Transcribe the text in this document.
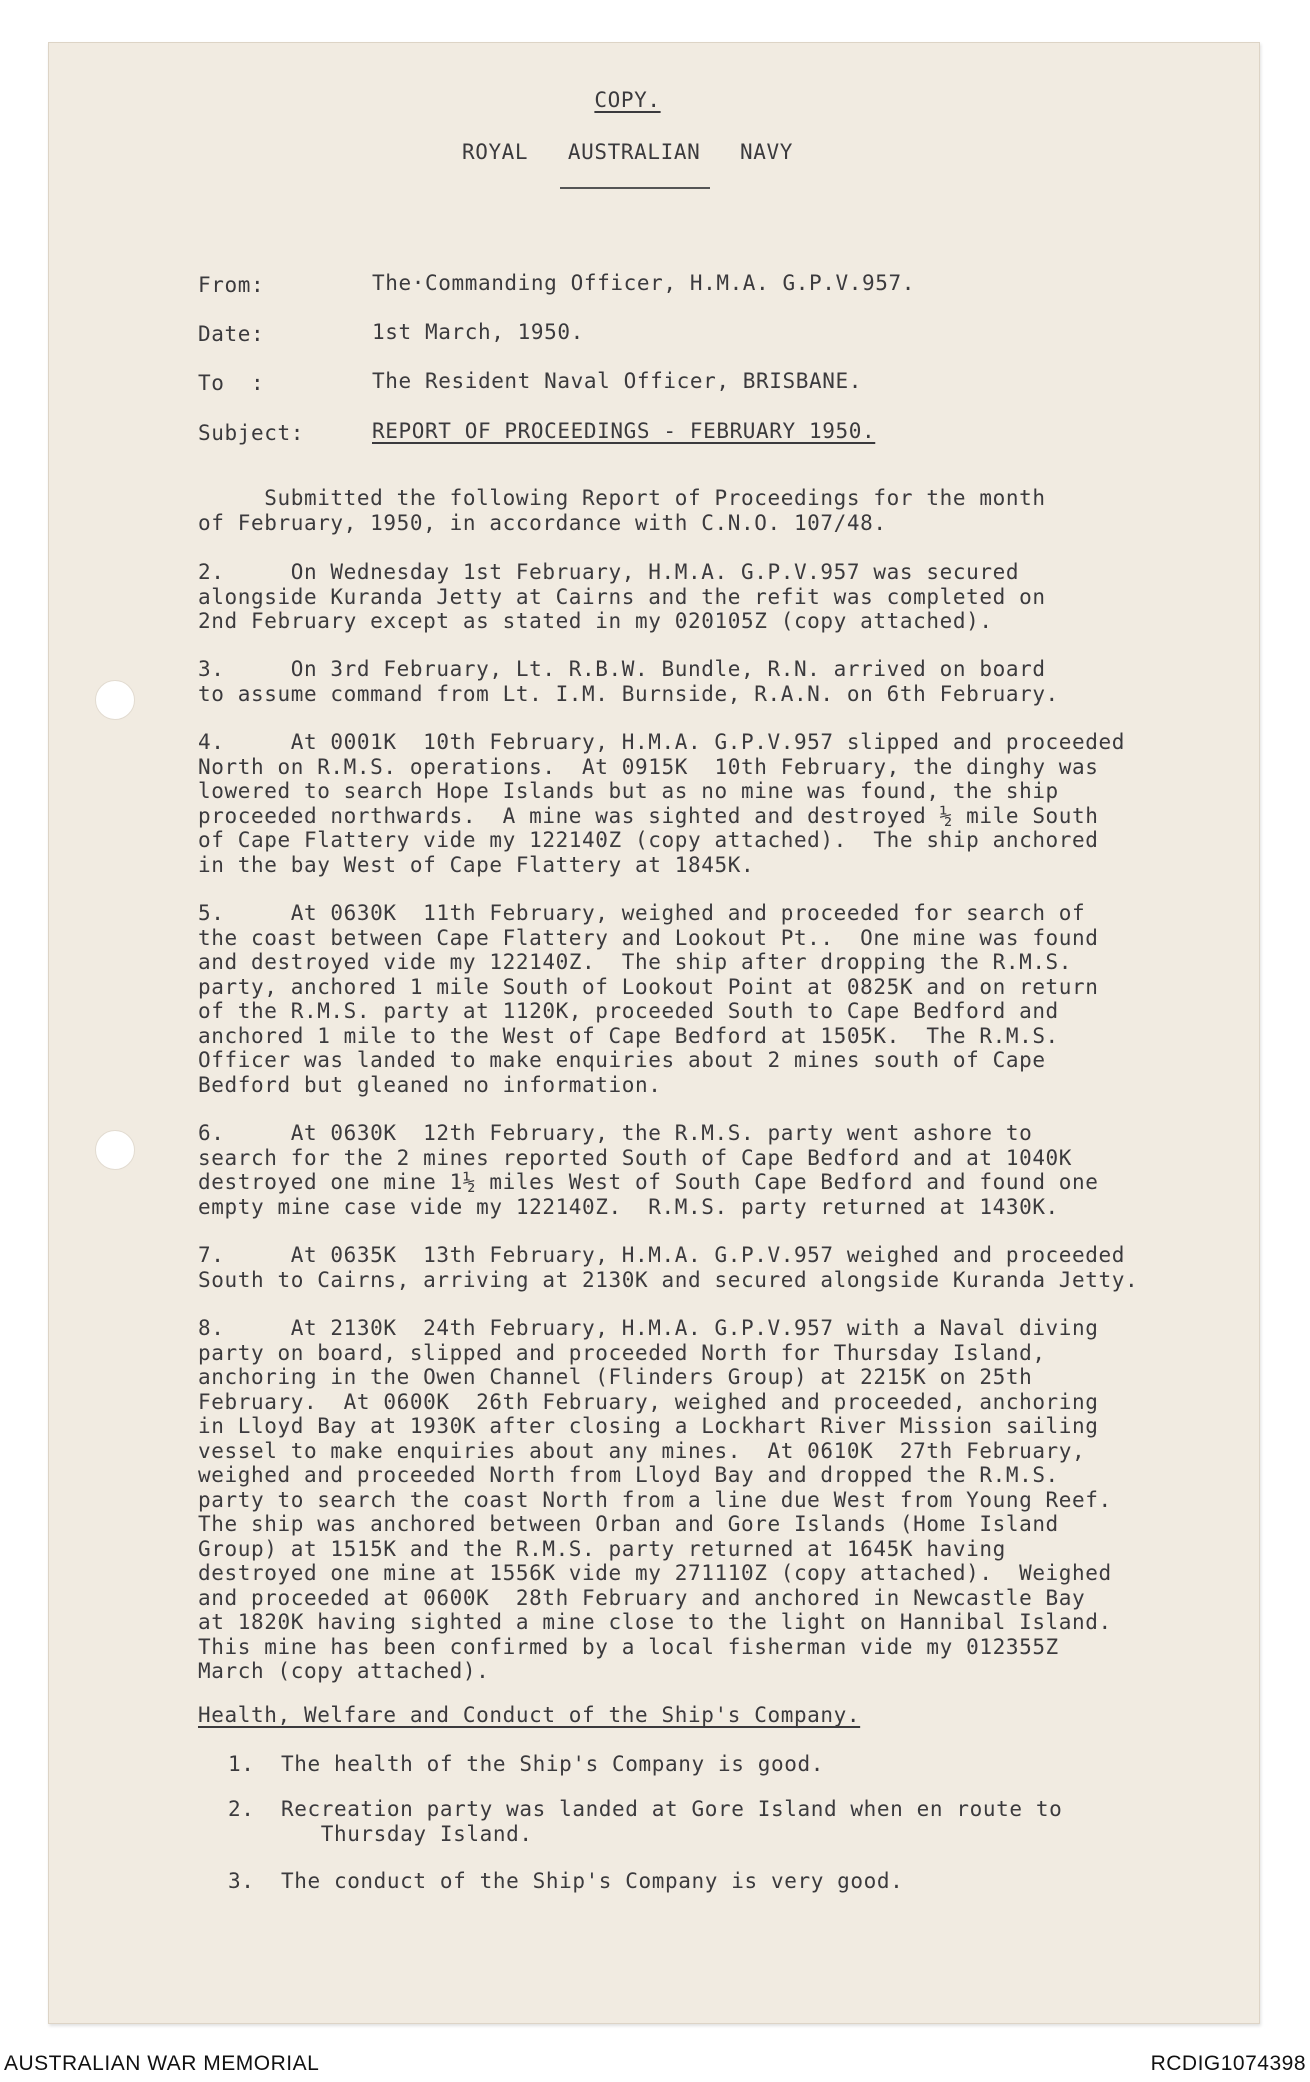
COPY.
ROYAL   AUSTRALIAN   NAVY
From:	The·Commanding Officer, H.M.A. G.P.V.957.
Date:	1st March, 1950.
To  :	The Resident Naval Officer, BRISBANE.
Subject:	REPORT OF PROCEEDINGS - FEBRUARY 1950.
Submitted the following Report of Proceedings for the month
of February, 1950, in accordance with C.N.O. 107/48.
2.     On Wednesday 1st February, H.M.A. G.P.V.957 was secured
alongside Kuranda Jetty at Cairns and the refit was completed on
2nd February except as stated in my 020105Z (copy attached).
3.     On 3rd February, Lt. R.B.W. Bundle, R.N. arrived on board
to assume command from Lt. I.M. Burnside, R.A.N. on 6th February.
4.     At 0001K  10th February, H.M.A. G.P.V.957 slipped and proceeded
North on R.M.S. operations.  At 0915K  10th February, the dinghy was
lowered to search Hope Islands but as no mine was found, the ship
proceeded northwards.  A mine was sighted and destroyed ½ mile South
of Cape Flattery vide my 122140Z (copy attached).  The ship anchored
in the bay West of Cape Flattery at 1845K.
5.     At 0630K  11th February, weighed and proceeded for search of
the coast between Cape Flattery and Lookout Pt..  One mine was found
and destroyed vide my 122140Z.  The ship after dropping the R.M.S.
party, anchored 1 mile South of Lookout Point at 0825K and on return
of the R.M.S. party at 1120K, proceeded South to Cape Bedford and
anchored 1 mile to the West of Cape Bedford at 1505K.  The R.M.S.
Officer was landed to make enquiries about 2 mines south of Cape
Bedford but gleaned no information.
6.     At 0630K  12th February, the R.M.S. party went ashore to
search for the 2 mines reported South of Cape Bedford and at 1040K
destroyed one mine 1½ miles West of South Cape Bedford and found one
empty mine case vide my 122140Z.  R.M.S. party returned at 1430K.
7.     At 0635K  13th February, H.M.A. G.P.V.957 weighed and proceeded
South to Cairns, arriving at 2130K and secured alongside Kuranda Jetty.
8.     At 2130K  24th February, H.M.A. G.P.V.957 with a Naval diving
party on board, slipped and proceeded North for Thursday Island,
anchoring in the Owen Channel (Flinders Group) at 2215K on 25th
February.  At 0600K  26th February, weighed and proceeded, anchoring
in Lloyd Bay at 1930K after closing a Lockhart River Mission sailing
vessel to make enquiries about any mines.  At 0610K  27th February,
weighed and proceeded North from Lloyd Bay and dropped the R.M.S.
party to search the coast North from a line due West from Young Reef.
The ship was anchored between Orban and Gore Islands (Home Island
Group) at 1515K and the R.M.S. party returned at 1645K having
destroyed one mine at 1556K vide my 271110Z (copy attached).  Weighed
and proceeded at 0600K  28th February and anchored in Newcastle Bay
at 1820K having sighted a mine close to the light on Hannibal Island.
This mine has been confirmed by a local fisherman vide my 012355Z
March (copy attached).
Health, Welfare and Conduct of the Ship's Company.
1.  The health of the Ship's Company is good.
2.  Recreation party was landed at Gore Island when en route to
Thursday Island.
3.  The conduct of the Ship's Company is very good.
AUSTRALIAN WAR MEMORIAL	RCDIG1074398
